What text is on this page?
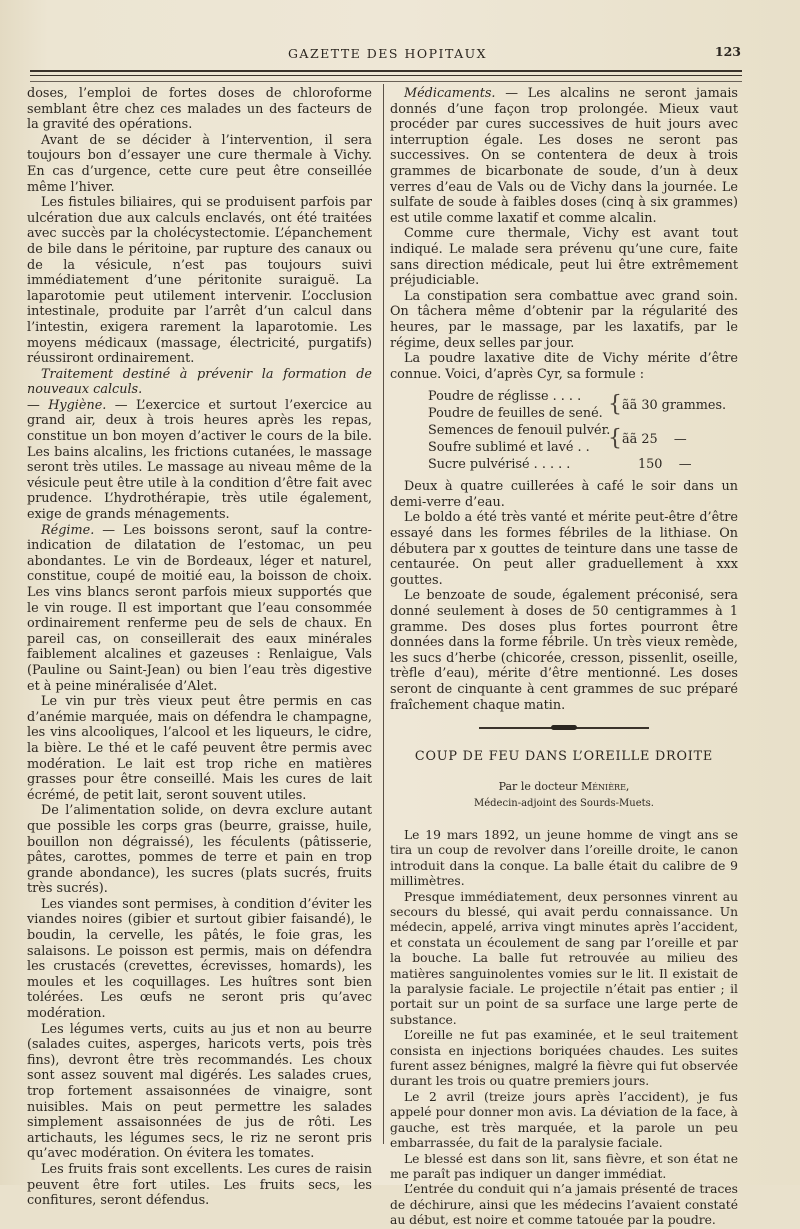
GAZETTE DES HOPITAUX	123

doses, l’emploi de fortes doses de chloroforme semblant être chez ces malades un des facteurs de la gravité des opérations.

Avant de se décider à l’intervention, il sera toujours bon d’essayer une cure thermale à Vichy. En cas d’urgence, cette cure peut être conseillée même l’hiver.

Les fistules biliaires, qui se produisent parfois par ulcération due aux calculs enclavés, ont été traitées avec succès par la cholécystectomie. L’épanchement de bile dans le péritoine, par rupture des canaux ou de la vésicule, n’est pas toujours suivi immédiatement d’une péritonite suraiguë. La laparotomie peut utilement intervenir. L’occlusion intestinale, produite par l’arrêt d’un calcul dans l’intestin, exigera rarement la laparotomie. Les moyens médicaux (massage, électricité, purgatifs) réussiront ordinairement.

Traitement destiné à prévenir la formation de nouveaux calculs.

— Hygiène. — L’exercice et surtout l’exercice au grand air, deux à trois heures après les repas, constitue un bon moyen d’activer le cours de la bile. Les bains alcalins, les frictions cutanées, le massage seront très utiles. Le massage au niveau même de la vésicule peut être utile à la condition d’être fait avec prudence. L’hydrothérapie, très utile également, exige de grands ménagements.

Régime. — Les boissons seront, sauf la contre-indication de dilatation de l’estomac, un peu abondantes. Le vin de Bordeaux, léger et naturel, constitue, coupé de moitié eau, la boisson de choix. Les vins blancs seront parfois mieux supportés que le vin rouge. Il est important que l’eau consommée ordinairement renferme peu de sels de chaux. En pareil cas, on conseillerait des eaux minérales faiblement alcalines et gazeuses : Renlaigue, Vals (Pauline ou Saint-Jean) ou bien l’eau très digestive et à peine minéralisée d’Alet.

Le vin pur très vieux peut être permis en cas d’anémie marquée, mais on défendra le champagne, les vins alcooliques, l’alcool et les liqueurs, le cidre, la bière. Le thé et le café peuvent être permis avec modération. Le lait est trop riche en matières grasses pour être conseillé. Mais les cures de lait écrémé, de petit lait, seront souvent utiles.

De l’alimentation solide, on devra exclure autant que possible les corps gras (beurre, graisse, huile, bouillon non dégraissé), les féculents (pâtisserie, pâtes, carottes, pommes de terre et pain en trop grande abondance), les sucres (plats sucrés, fruits très sucrés).

Les viandes sont permises, à condition d’éviter les viandes noires (gibier et surtout gibier faisandé), le boudin, la cervelle, les pâtés, le foie gras, les salaisons. Le poisson est permis, mais on défendra les crustacés (crevettes, écrevisses, homards), les moules et les coquillages. Les huîtres sont bien tolérées. Les œufs ne seront pris qu’avec modération.

Les légumes verts, cuits au jus et non au beurre (salades cuites, asperges, haricots verts, pois très fins), devront être très recommandés. Les choux sont assez souvent mal digérés. Les salades crues, trop fortement assaisonnées de vinaigre, sont nuisibles. Mais on peut permettre les salades simplement assaisonnées de jus de rôti. Les artichauts, les légumes secs, le riz ne seront pris qu’avec modération. On évitera les tomates.

Les fruits frais sont excellents. Les cures de raisin peuvent être fort utiles. Les fruits secs, les confitures, seront défendus.

Médicaments. — Les alcalins ne seront jamais donnés d’une façon trop prolongée. Mieux vaut procéder par cures successives de huit jours avec interruption égale. Les doses ne seront pas successives. On se contentera de deux à trois grammes de bicarbonate de soude, d’un à deux verres d’eau de Vals ou de Vichy dans la journée. Le sulfate de soude à faibles doses (cinq à six grammes) est utile comme laxatif et comme alcalin.

Comme cure thermale, Vichy est avant tout indiqué. Le malade sera prévenu qu’une cure, faite sans direction médicale, peut lui être extrêmement préjudiciable.

La constipation sera combattue avec grand soin. On tâchera même d’obtenir par la régularité des heures, par le massage, par les laxatifs, par le régime, deux selles par jour.

La poudre laxative dite de Vichy mérite d’être connue. Voici, d’après Cyr, sa formule :

Poudre de réglisse . . . .
Poudre de feuilles de sené. { ãã 30 grammes.
Semences de fenouil pulvér.
Soufre sublimé et lavé . . { ãã 25    —
Sucre pulvérisé . . . . .	150    —

Deux à quatre cuillerées à café le soir dans un demi-verre d’eau.

Le boldo a été très vanté et mérite peut-être d’être essayé dans les formes fébriles de la lithiase. On débutera par x gouttes de teinture dans une tasse de centaurée. On peut aller graduellement à xxx gouttes.

Le benzoate de soude, également préconisé, sera donné seulement à doses de 50 centigrammes à 1 gramme. Des doses plus fortes pourront être données dans la forme fébrile. Un très vieux remède, les sucs d’herbe (chicorée, cresson, pissenlit, oseille, trèfle d’eau), mérite d’être mentionné. Les doses seront de cinquante à cent grammes de suc préparé fraîchement chaque matin.

COUP DE FEU DANS L’OREILLE DROITE
Par le docteur Ménière,
Médecin-adjoint des Sourds-Muets.

Le 19 mars 1892, un jeune homme de vingt ans se tira un coup de revolver dans l’oreille droite, le canon introduit dans la conque. La balle était du calibre de 9 millimètres.

Presque immédiatement, deux personnes vinrent au secours du blessé, qui avait perdu connaissance. Un médecin, appelé, arriva vingt minutes après l’accident, et constata un écoulement de sang par l’oreille et par la bouche. La balle fut retrouvée au milieu des matières sanguinolentes vomies sur le lit. Il existait de la paralysie faciale. Le projectile n’était pas entier ; il portait sur un point de sa surface une large perte de substance.

L’oreille ne fut pas examinée, et le seul traitement consista en injections boriquées chaudes. Les suites furent assez bénignes, malgré la fièvre qui fut observée durant les trois ou quatre premiers jours.

Le 2 avril (treize jours après l’accident), je fus appelé pour donner mon avis. La déviation de la face, à gauche, est très marquée, et la parole un peu embarrassée, du fait de la paralysie faciale.

Le blessé est dans son lit, sans fièvre, et son état ne me paraît pas indiquer un danger immédiat.

L’entrée du conduit qui n’a jamais présenté de traces de déchirure, ainsi que les médecins l’avaient constaté au début, est noire et comme tatouée par la poudre.
